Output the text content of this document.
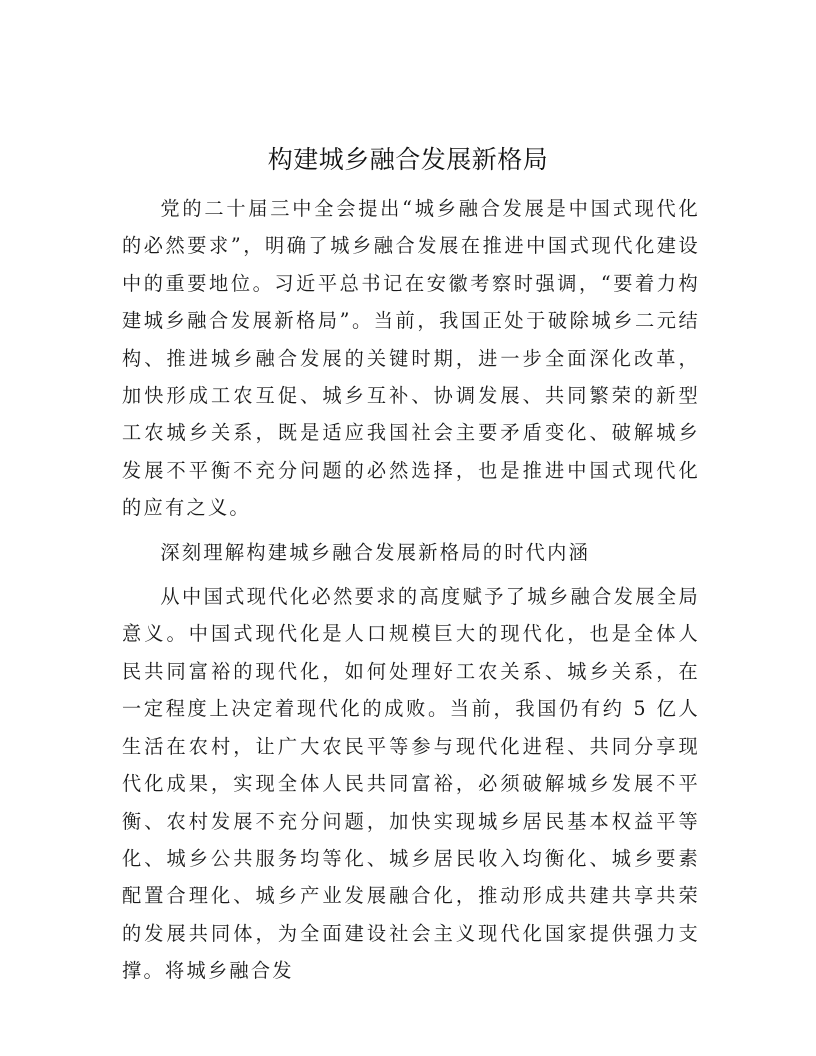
构建城乡融合发展新格局

党的二十届三中全会提出“城乡融合发展是中国式现代化的必然要求”，明确了城乡融合发展在推进中国式现代化建设中的重要地位。习近平总书记在安徽考察时强调，“要着力构建城乡融合发展新格局”。当前，我国正处于破除城乡二元结构、推进城乡融合发展的关键时期，进一步全面深化改革，加快形成工农互促、城乡互补、协调发展、共同繁荣的新型工农城乡关系，既是适应我国社会主要矛盾变化、破解城乡发展不平衡不充分问题的必然选择，也是推进中国式现代化的应有之义。

深刻理解构建城乡融合发展新格局的时代内涵

从中国式现代化必然要求的高度赋予了城乡融合发展全局意义。中国式现代化是人口规模巨大的现代化，也是全体人民共同富裕的现代化，如何处理好工农关系、城乡关系，在一定程度上决定着现代化的成败。当前，我国仍有约 5 亿人生活在农村，让广大农民平等参与现代化进程、共同分享现代化成果，实现全体人民共同富裕，必须破解城乡发展不平衡、农村发展不充分问题，加快实现城乡居民基本权益平等化、城乡公共服务均等化、城乡居民收入均衡化、城乡要素配置合理化、城乡产业发展融合化，推动形成共建共享共荣的发展共同体，为全面建设社会主义现代化国家提供强力支撑。将城乡融合发
